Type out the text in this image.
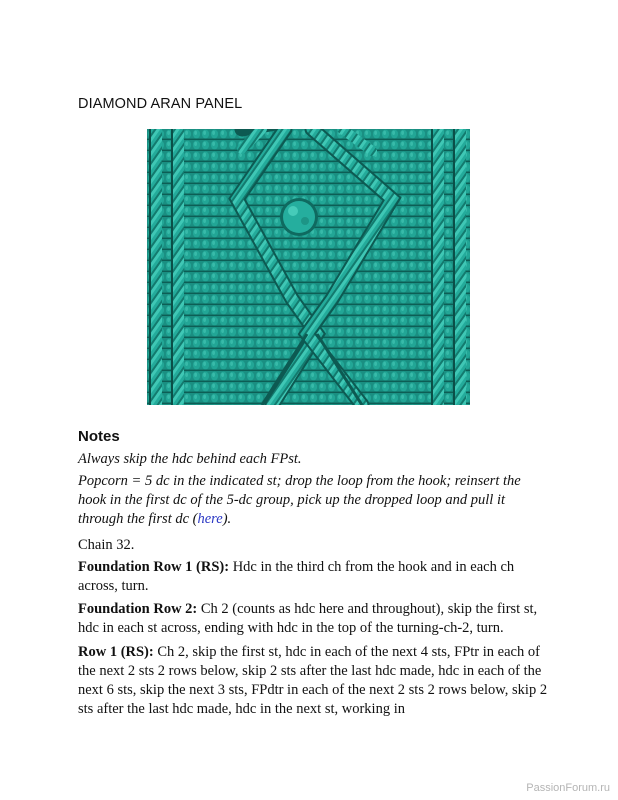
DIAMOND ARAN PANEL
Notes

Always skip the hdc behind each FPst.

Popcorn = 5 dc in the indicated st; drop the loop from the hook; reinsert the hook in the first dc of the 5-dc group, pick up the dropped loop and pull it through the first dc (here).

Chain 32.

Foundation Row 1 (RS): Hdc in the third ch from the hook and in each ch across, turn.

Foundation Row 2: Ch 2 (counts as hdc here and throughout), skip the first st, hdc in each st across, ending with hdc in the top of the turning-ch-2, turn.

Row 1 (RS): Ch 2, skip the first st, hdc in each of the next 4 sts, FPtr in each of the next 2 sts 2 rows below, skip 2 sts after the last hdc made, hdc in each of the next 6 sts, skip the next 3 sts, FPdtr in each of the next 2 sts 2 rows below, skip 2 sts after the last hdc made, hdc in the next st, working in

PassionForum.ru
